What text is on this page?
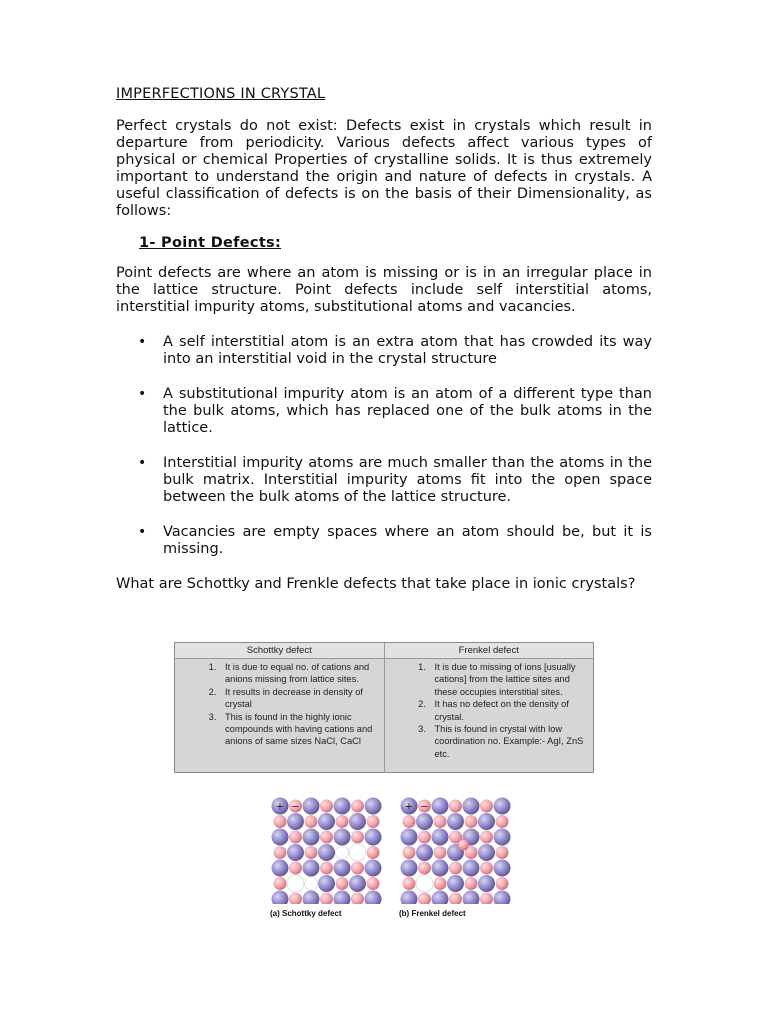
IMPERFECTIONS IN CRYSTAL

Perfect crystals do not exist: Defects exist in crystals which result in departure from periodicity. Various defects affect various types of physical or chemical Properties of crystalline solids. It is thus extremely important to understand the origin and nature of defects in crystals. A useful classification of defects is on the basis of their Dimensionality, as follows:

1- Point Defects:

Point defects are where an atom is missing or is in an irregular place in the lattice structure. Point defects include self interstitial atoms, interstitial impurity atoms, substitutional atoms and vacancies.

• A self interstitial atom is an extra atom that has crowded its way into an interstitial void in the crystal structure
• A substitutional impurity atom is an atom of a different type than the bulk atoms, which has replaced one of the bulk atoms in the lattice.
• Interstitial impurity atoms are much smaller than the atoms in the bulk matrix. Interstitial impurity atoms fit into the open space between the bulk atoms of the lattice structure.
• Vacancies are empty spaces where an atom should be, but it is missing.

What are Schottky and Frenkle defects that take place in ionic crystals?

Schottky defect	Frenkel defect
1. It is due to equal no. of cations and anions missing from lattice sites.
2. It results in decrease in density of crystal
3. This is found in the highly ionic compounds with having cations and anions of same sizes NaCl, CaCl
1. It is due to missing of ions [usually cations] from the lattice sites and these occupies interstitial sites.
2. It has no defect on the density of crystal.
3. This is found in crystal with low coordination no. Example:- AgI, ZnS etc.
+ −
(a) Schottky defect
+ −
(b) Frenkel defect
